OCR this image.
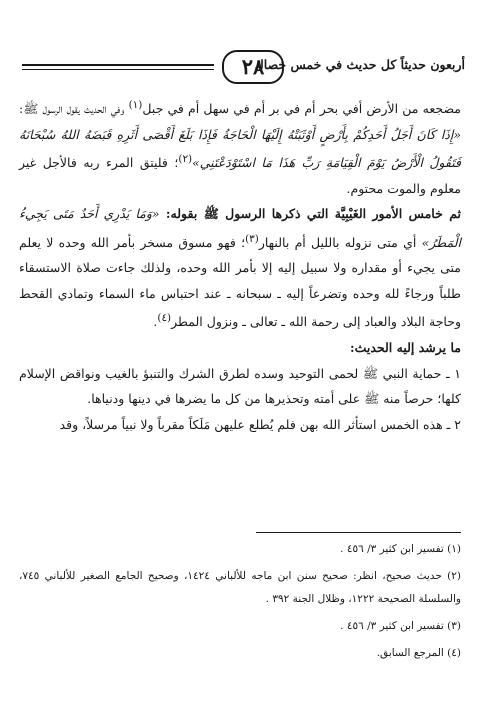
٢٨
أربعون حديثاً كل حديث في خمس خصال

مضجعه من الأرض أفي بحر أم في بر أم في سهل أم في جبل$^{(١)}$ وفي الحديث يقول الرسول ﷺ: «إِذَا كَانَ أَجَلُ أَحَدِكُمْ بِأَرْضٍ أَوْثَبَتْهُ إِلَيْهَا الْحَاجَةُ فَإِذَا بَلَغَ أَقْصَى أَثَرِهِ قَبَضَهُ اللهُ سُبْحَانَهُ فَتَقُولُ الْأَرْضُ يَوْمَ الْقِيَامَةِ رَبِّ هَذَا مَا اسْتَوْدَعْتَنِي»$^{(٢)}$؛ فليتق المرء ربه فالأجل غير معلوم والموت محتوم.

ثم خامس الأمور الغَيْبِيَّة التي ذكرها الرسول ﷺ بقوله: «وَمَا يَدْرِي أَحَدٌ مَتَى يَجِيءُ الْمَطَرُ» أي متى نزوله بالليل أم بالنهار$^{(٣)}$؛ فهو مسوق مسخر بأمر الله وحده لا يعلم متى يجيء أو مقداره ولا سبيل إليه إلا بأمر الله وحده، ولذلك جاءت صلاة الاستسقاء طلباً ورجاءً لله وحده وتضرعاً إليه ـ سبحانه ـ عند احتباس ماء السماء وتمادي القحط وحاجة البلاد والعباد إلى رحمة الله ـ تعالى ـ ونزول المطر$^{(٤)}$.

ما يرشد إليه الحديث:

١ ـ حماية النبي ﷺ لحمى التوحيد وسده لطرق الشرك والتنبؤ بالغيب ونواقض الإسلام كلها؛ حرصاً منه ﷺ على أمته وتحذيرها من كل ما يضرها في دينها ودنياها.

٢ ـ هذه الخمس استأثر الله بهن فلم يُطلع عليهن مَلَكاً مقرباً ولا نبياً مرسلاً، وقد

(١) تفسير ابن كثير ٣/ ٤٥٦ .

(٢) حديث صحيح، انظر: صحيح سنن ابن ماجه للألباني ١٤٢٤، وصحيح الجامع الصغير للألباني ٧٤٥، والسلسلة الصحيحة ١٢٢٢، وظلال الجنة ٣٩٢ .

(٣) تفسير ابن كثير ٣/ ٤٥٦ .

(٤) المرجع السابق.
